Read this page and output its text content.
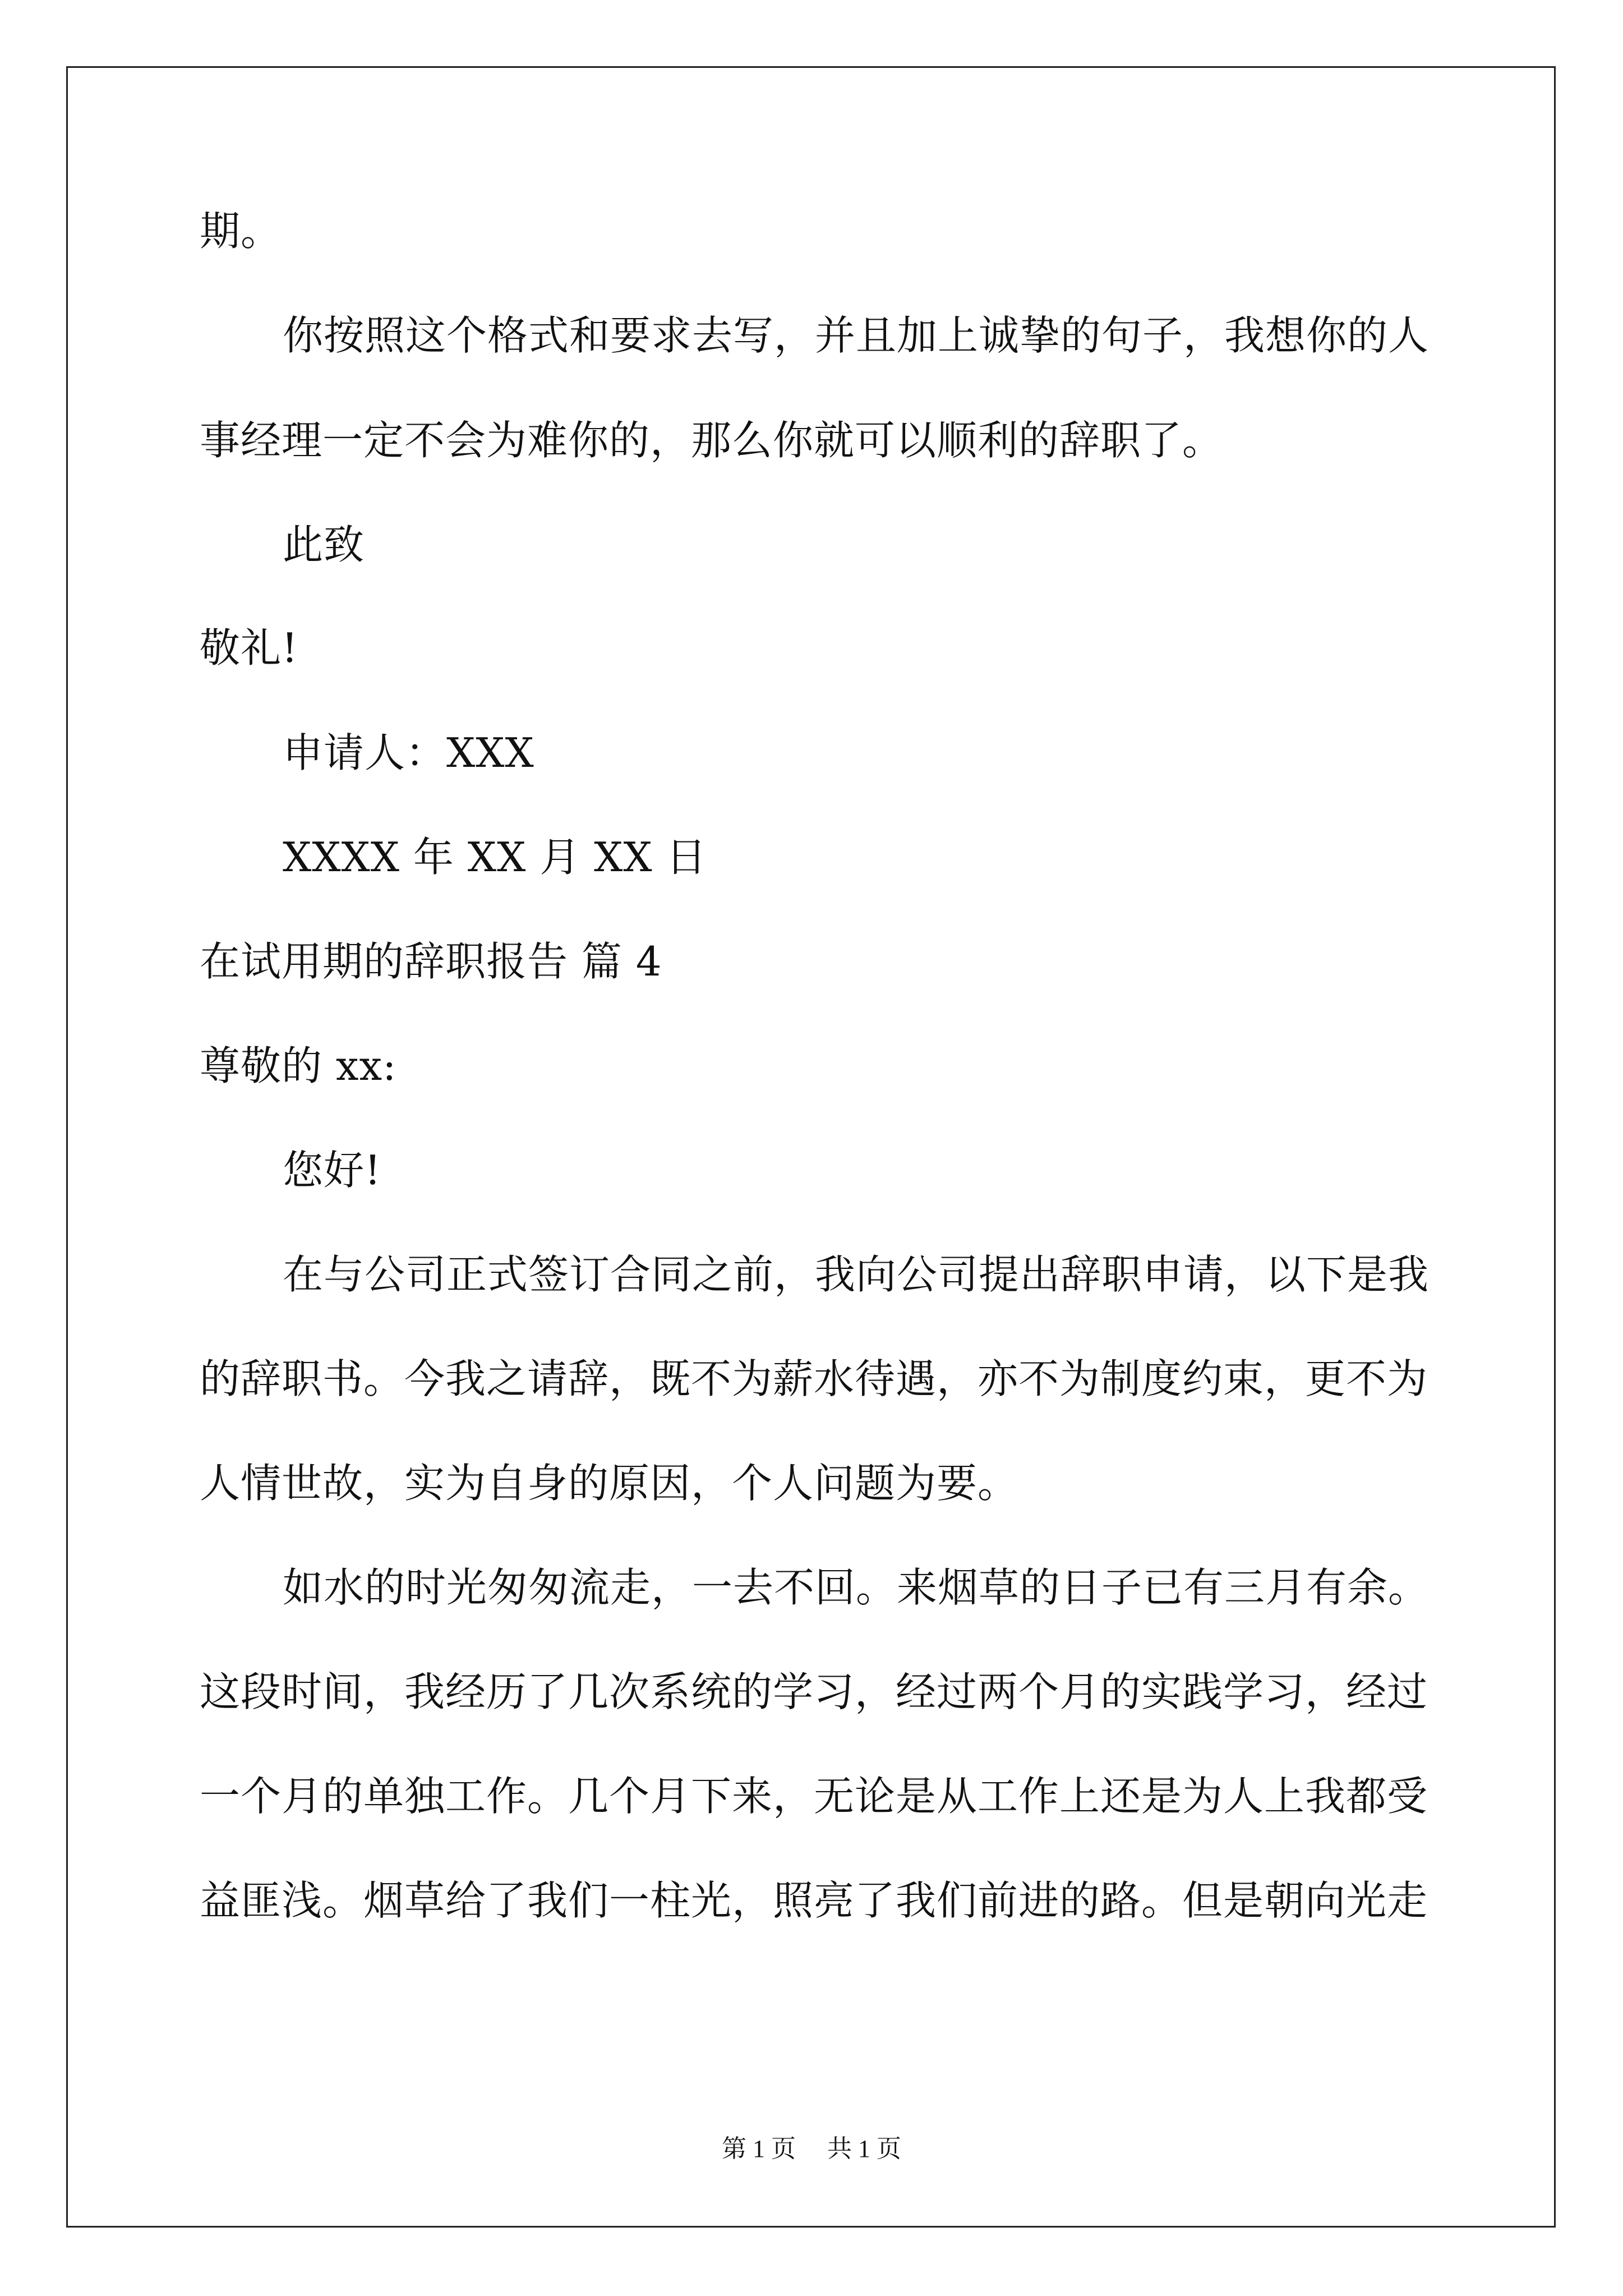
期。
你按照这个格式和要求去写，并且加上诚挚的句子，我想你的人
事经理一定不会为难你的，那么你就可以顺利的辞职了。
此致
敬礼!
申请人：XXX
XXXX 年 XX 月 XX 日
在试用期的辞职报告 篇 4
尊敬的 xx:
您好!
在与公司正式签订合同之前，我向公司提出辞职申请，以下是我
的辞职书。今我之请辞，既不为薪水待遇，亦不为制度约束，更不为
人情世故，实为自身的原因，个人问题为要。
如水的时光匆匆流走，一去不回。来烟草的日子已有三月有余。
这段时间，我经历了几次系统的学习，经过两个月的实践学习，经过
一个月的单独工作。几个月下来，无论是从工作上还是为人上我都受
益匪浅。烟草给了我们一柱光，照亮了我们前进的路。但是朝向光走
第 1 页 共 1 页
